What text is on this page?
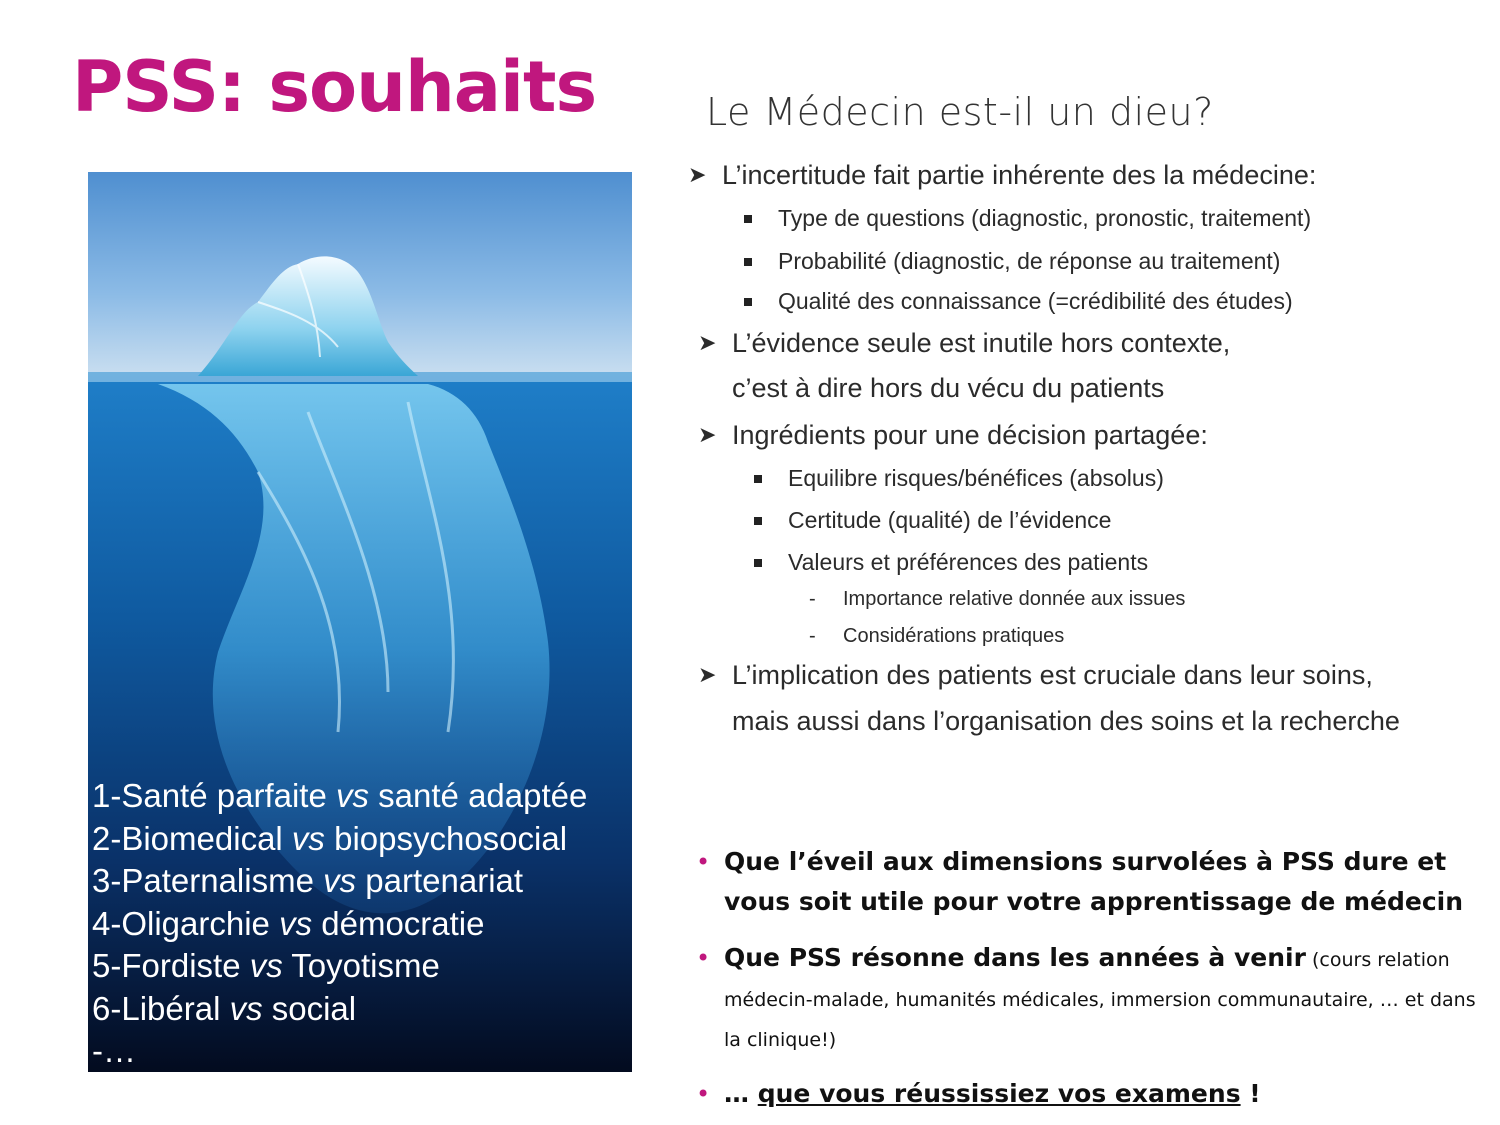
PSS: souhaits
1-Santé parfaite vs santé adaptée
2-Biomedical vs biopsychosocial
3-Paternalisme vs partenariat
4-Oligarchie vs démocratie
5-Fordiste vs Toyotisme
6-Libéral vs social
-…
Le Médecin est-il un dieu?
➤ L’incertitude fait partie inhérente des la médecine:
Type de questions (diagnostic, pronostic, traitement)
Probabilité (diagnostic, de réponse au traitement)
Qualité des connaissance (=crédibilité des études)
➤ L’évidence seule est inutile hors contexte,
c’est à dire hors du vécu du patients
➤ Ingrédients pour une décision partagée:
Equilibre risques/bénéfices (absolus)
Certitude (qualité) de l’évidence
Valeurs et préférences des patients
- Importance relative donnée aux issues
- Considérations pratiques
➤ L’implication des patients est cruciale dans leur soins,
mais aussi dans l’organisation des soins et la recherche
• Que l’éveil aux dimensions survolées à PSS dure et vous soit utile pour votre apprentissage de médecin
• Que PSS résonne dans les années à venir (cours relation médecin-malade, humanités médicales, immersion communautaire, … et dans la clinique!)
• … que vous réussissiez vos examens !
